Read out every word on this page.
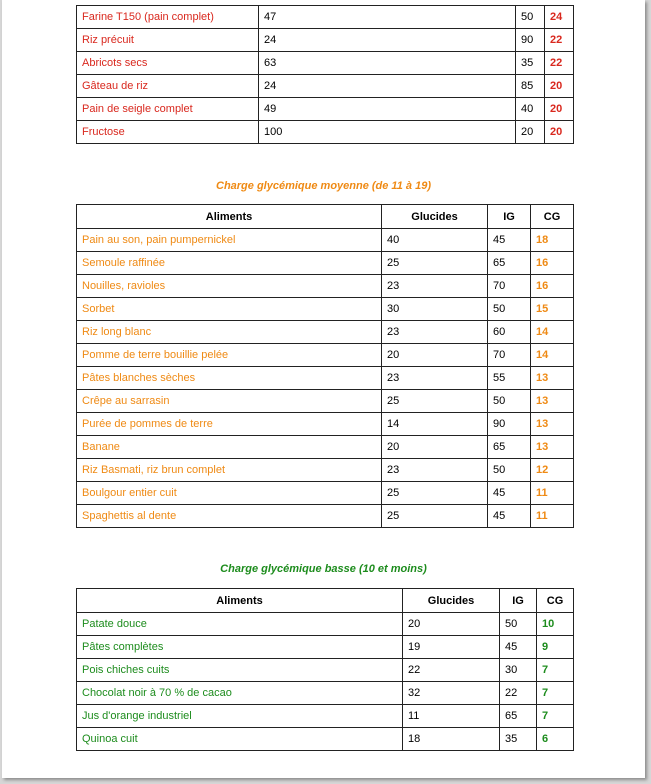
Farine T150 (pain complet)	47	50	24
Riz précuit	24	90	22
Abricots secs	63	35	22
Gâteau de riz	24	85	20
Pain de seigle complet	49	40	20
Fructose	100	20	20
Charge glycémique moyenne (de 11 à 19)
Aliments	Glucides	IG	CG
Pain au son, pain pumpernickel	40	45	18
Semoule raffinée	25	65	16
Nouilles, ravioles	23	70	16
Sorbet	30	50	15
Riz long blanc	23	60	14
Pomme de terre bouillie pelée	20	70	14
Pâtes blanches sèches	23	55	13
Crêpe au sarrasin	25	50	13
Purée de pommes de terre	14	90	13
Banane	20	65	13
Riz Basmati, riz brun complet	23	50	12
Boulgour entier cuit	25	45	11
Spaghettis al dente	25	45	11
Charge glycémique basse (10 et moins)
Aliments	Glucides	IG	CG
Patate douce	20	50	10
Pâtes complètes	19	45	9
Pois chiches cuits	22	30	7
Chocolat noir à 70 % de cacao	32	22	7
Jus d'orange industriel	11	65	7
Quinoa cuit	18	35	6
